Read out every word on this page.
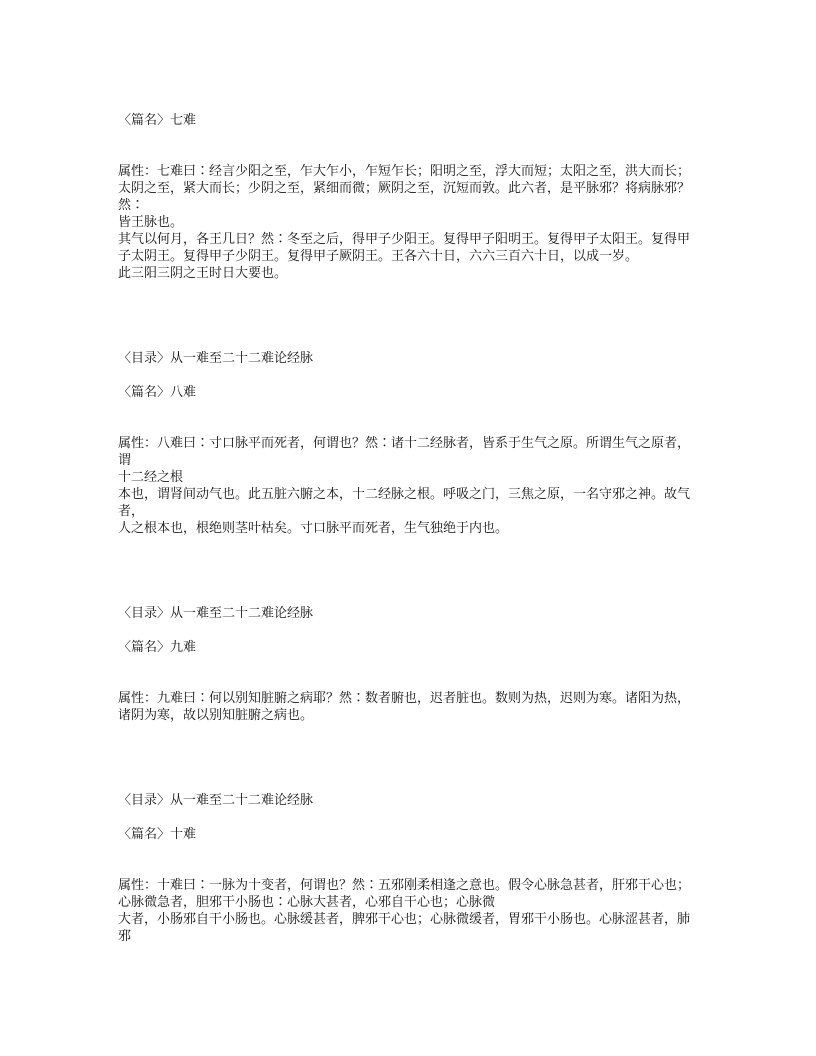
〈篇名〉七难
属性：七难曰∶经言少阳之至，乍大乍小，乍短乍长；阳明之至，浮大而短；太阳之至，洪大而长；
太阴之至，紧大而长；少阴之至，紧细而微；厥阴之至，沉短而敦。此六者，是平脉邪？将病脉邪？然∶
皆王脉也。
其气以何月，各王几日？然∶冬至之后，得甲子少阳王。复得甲子阳明王。复得甲子太阳王。复得甲子太阴王。复得甲子少阴王。复得甲子厥阴王。王各六十日，六六三百六十日，以成一岁。
此三阳三阴之王时日大要也。
〈目录〉从一难至二十二难论经脉
〈篇名〉八难
属性：八难曰∶寸口脉平而死者，何谓也？然∶诸十二经脉者，皆系于生气之原。所谓生气之原者，谓
十二经之根
本也，谓肾间动气也。此五脏六腑之本，十二经脉之根。呼吸之门，三焦之原，一名守邪之神。故气者，
人之根本也，根绝则茎叶枯矣。寸口脉平而死者，生气独绝于内也。
〈目录〉从一难至二十二难论经脉
〈篇名〉九难
属性：九难曰∶何以别知脏腑之病耶？然∶数者腑也，迟者脏也。数则为热，迟则为寒。诸阳为热，
诸阴为寒，故以别知脏腑之病也。
〈目录〉从一难至二十二难论经脉
〈篇名〉十难
属性：十难曰∶一脉为十变者，何谓也？然∶五邪刚柔相逢之意也。假令心脉急甚者，肝邪干心也；
心脉微急者，胆邪干小肠也∶心脉大甚者，心邪自干心也；心脉微
大者，小肠邪自干小肠也。心脉缓甚者，脾邪干心也；心脉微缓者，胃邪干小肠也。心脉涩甚者，肺邪
